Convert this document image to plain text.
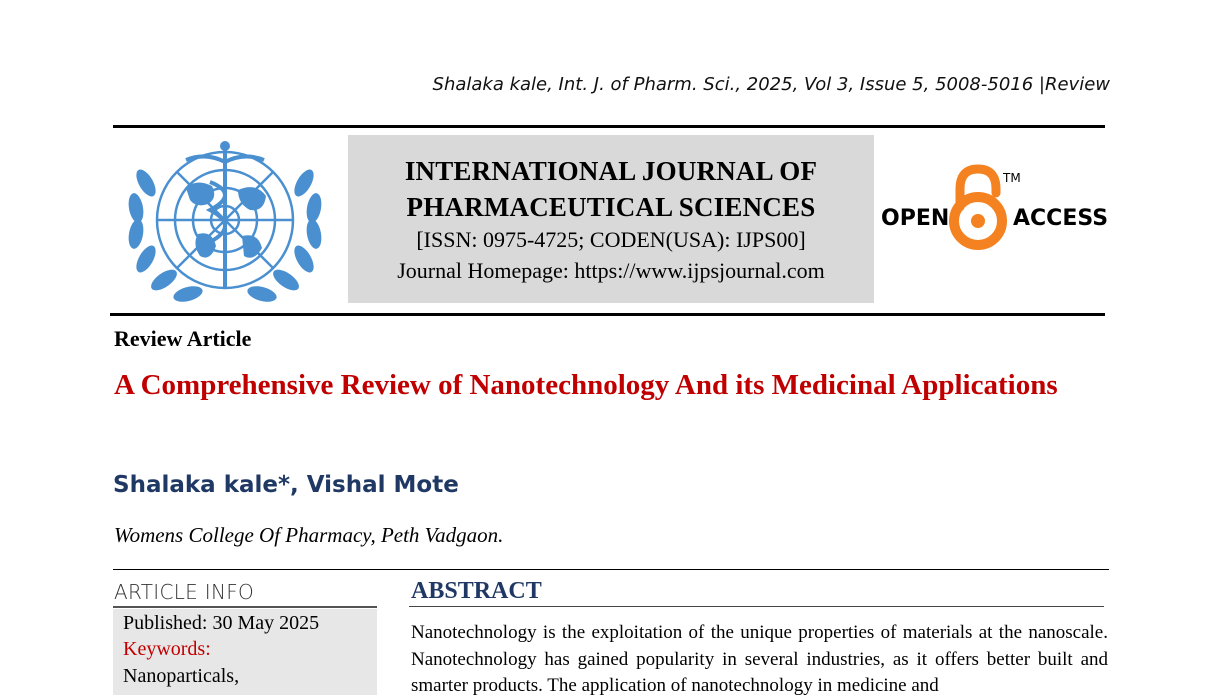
Shalaka kale, Int. J. of Pharm. Sci., 2025, Vol 3, Issue 5, 5008-5016 |Review
INTERNATIONAL JOURNAL OF
PHARMACEUTICAL SCIENCES
[ISSN: 0975-4725; CODEN(USA): IJPS00]
Journal Homepage: https://www.ijpsjournal.com
OPEN
TM
ACCESS
Review Article
A Comprehensive Review of Nanotechnology And its Medicinal Applications
Shalaka kale*, Vishal Mote
Womens College Of Pharmacy, Peth Vadgaon.
ARTICLE INFO
Published: 30 May 2025
Keywords:
Nanoparticals,
ABSTRACT
Nanotechnology is the exploitation of the unique properties of materials at the nanoscale. Nanotechnology has gained popularity in several industries, as it offers better built and smarter products. The application of nanotechnology in medicine and
